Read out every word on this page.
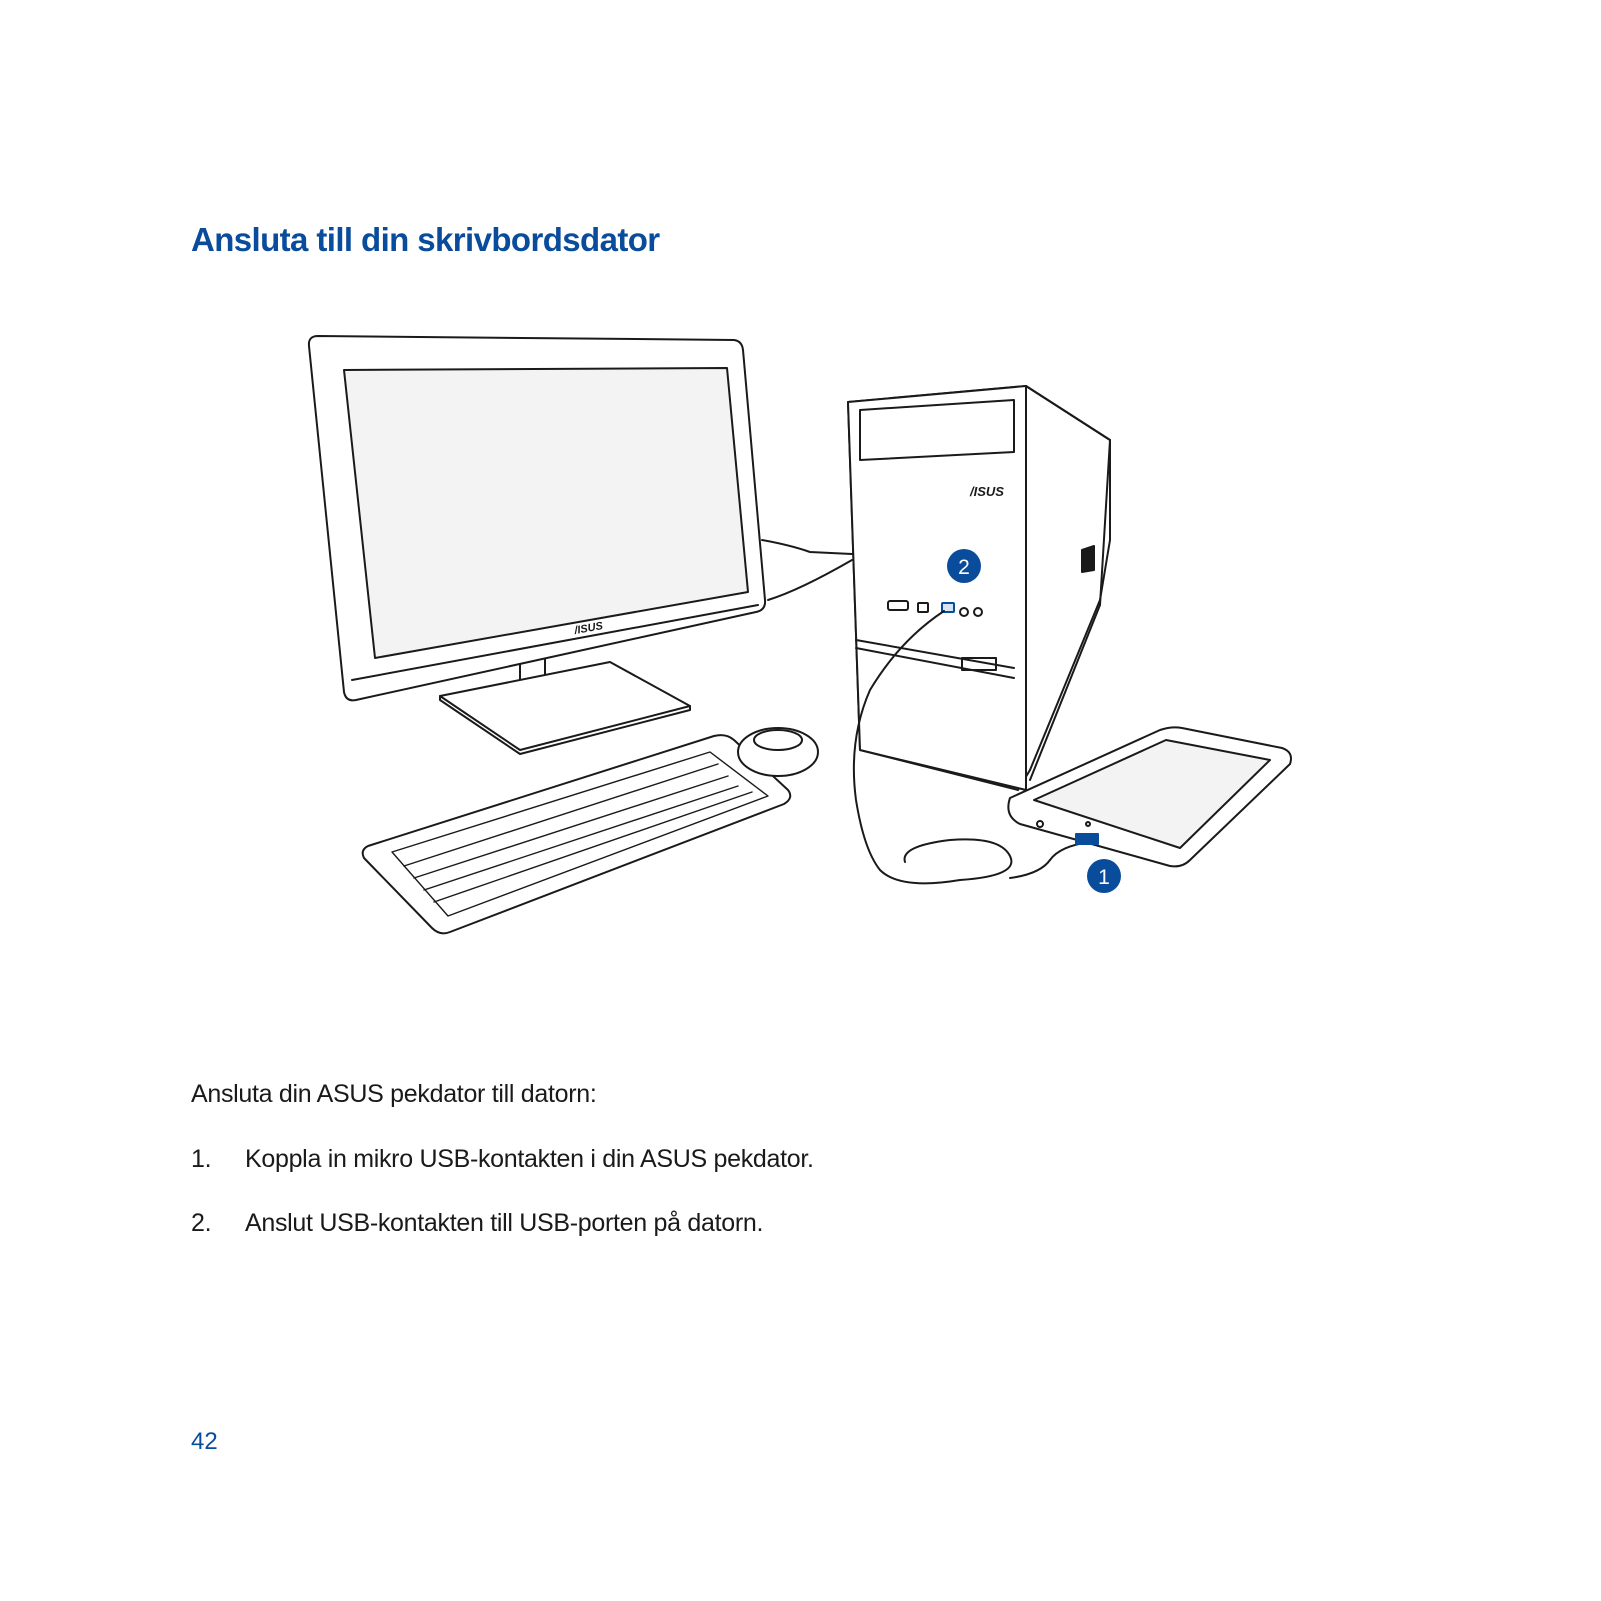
Ansluta till din skrivbordsdator
/ISUS
/ISUS
2
1

Ansluta din ASUS pekdator till datorn:

1.	Koppla in mikro USB-kontakten i din ASUS pekdator.
2.	Anslut USB-kontakten till USB-porten på datorn.

42
